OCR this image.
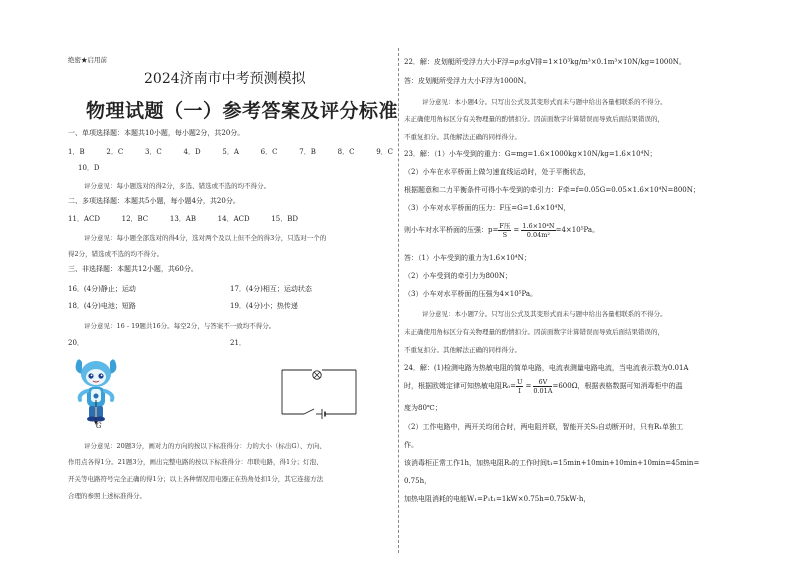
绝密★启用前
2024济南市中考预测模拟
物理试题（一）参考答案及评分标准
一、单项选择题：本题共10小题，每小题2分，共20分。
1．B	2．C	3．C	4．D	5．A	6．C	7．B	8．C	9．C
10．D
评分意见：每小题选对的得2分，多选、错选或不选的均不得分。
二、多项选择题：本题共5小题，每小题4分，共20分。
11．ACD	12．BC	13．AB	14．ACD	15．BD
评分意见：每小题全部选对的得4分，选对两个及以上但不全的得3分，只选对一个的
得2分，错选或不选的均不得分。
三、非选择题：本题共12小题，共60分。
16．(4分)静止；运动	17．(4分)相互；运动状态
18．(4分)电池；短路	19．(4分)小；热传递
评分意见：16 - 19题共16分。每空2分，与答案不一致均不得分。
20．	21．
G
评分意见：20题3分，画对力的方向的按以下标准得分：力的大小（标出G）、方向、
作用点各得1分。21题3分，画出完整电路的按以下标准得分：串联电路，得1分；灯泡、
开关等电路符号完全正确的得1分；以上各种情况用电器正在热角处扣1分，其它连接方法
合理的参照上述标准得分。
22．解：皮划艇所受浮力大小F浮=ρ水gV排=1×10³kg/m³×0.1m³×10N/kg=1000N。
答：皮划艇所受浮力大小F浮为1000N。
评分意见：本小题4分。只写出公式及其变形式而未与题中给出各量相联系的不得分。
未正确使用角标区分有关物理量的酌情扣分。因前面数字计算错误而导致后面结果错误的，
不重复扣分。其他解法正确的同样得分。
23．解：（1）小车受到的重力：G=mg=1.6×1000kg×10N/kg=1.6×10⁴N；
（2）小车在水平桥面上做匀速直线运动时，处于平衡状态，
根据题意和二力平衡条件可得小车受到的牵引力：F牵=f=0.05G=0.05×1.6×10⁴N=800N；
（3）小车对水平桥面的压力：F压=G=1.6×10⁴N，
则小车对水平桥面的压强：$p= \frac{\text{F压}}{S} = \frac{\text{1.6×10⁴N}}{\text{0.04m²}} =4\times 10^5Pa$。
答：（1）小车受到的重力为1.6×10⁴N；
（2）小车受到的牵引力为800N；
（3）小车对水平桥面的压强为4×10⁵Pa。
评分意见：本小题7分。只写出公式及其变形式而未与题中给出各量相联系的不得分。
未正确使用角标区分有关物理量的酌情扣分。因前面数字计算错误而导致后面结果错误的，
不重复扣分。其他解法正确的同样得分。
24．解：(1)检测电路为热敏电阻的简单电路，电流表测量电路电流，当电流表示数为0.01A
时，根据欧姆定律可知热敏电阻$R_0= \frac{U}{I} = \frac{6V}{0.01A} =600\Omega$，根据表格数据可知消毒柜中的温
度为80℃；
（2）工作电路中，两开关均闭合时，两电阻并联，智能开关S₂自动断开时，只有R₁单独工
作。
该消毒柜正常工作1h，加热电阻R₂的工作时间t₁=15min+10min+10min+10min=45min=
0.75h，
加热电阻消耗的电能W₁=P₁t₁=1kW×0.75h=0.75kW·h，
